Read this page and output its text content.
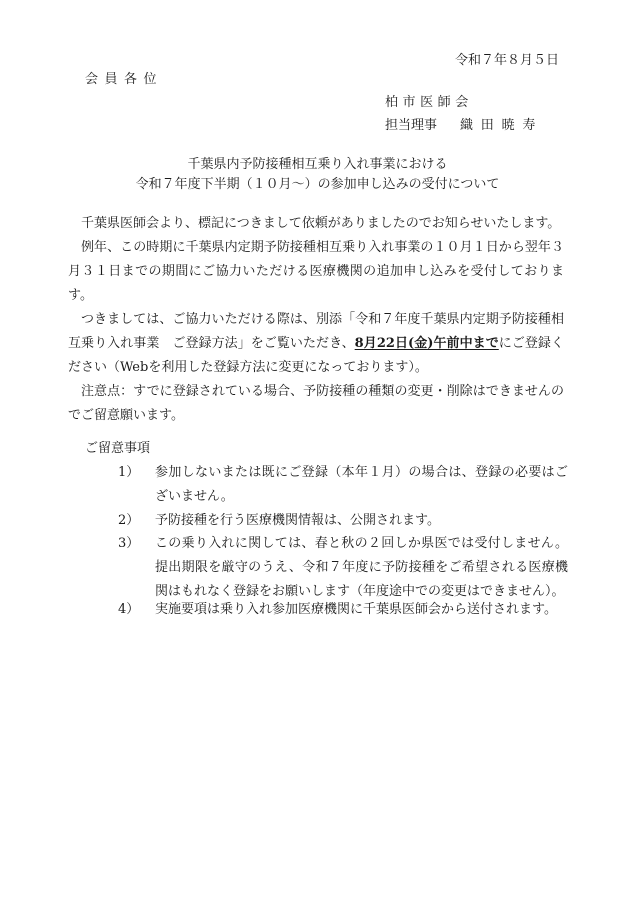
令和７年８月５日
会員各位
柏市医師会
担当理事 織田暁寿
千葉県内予防接種相互乗り入れ事業における
令和７年度下半期（１０月～）の参加申し込みの受付について

千葉県医師会より、標記につきまして依頼がありましたのでお知らせいたします。

例年、この時期に千葉県内定期予防接種相互乗り入れ事業の１０月１日から翌年３月３１日までの期間にご協力いただける医療機関の追加申し込みを受付しております。

つきましては、ご協力いただける際は、別添「令和７年度千葉県内定期予防接種相互乗り入れ事業　ご登録方法」をご覧いただき、8月22日(金)午前中までにご登録ください（Webを利用した登録方法に変更になっております）。

注意点：すでに登録されている場合、予防接種の種類の変更・削除はできませんのでご留意願います。

ご留意事項
1）	参加しないまたは既にご登録（本年１月）の場合は、登録の必要はございません。
2）	予防接種を行う医療機関情報は、公開されます。
3）	この乗り入れに関しては、春と秋の２回しか県医では受付しません。提出期限を厳守のうえ、令和７年度に予防接種をご希望される医療機関はもれなく登録をお願いします（年度途中での変更はできません）。
4）	実施要項は乗り入れ参加医療機関に千葉県医師会から送付されます。
